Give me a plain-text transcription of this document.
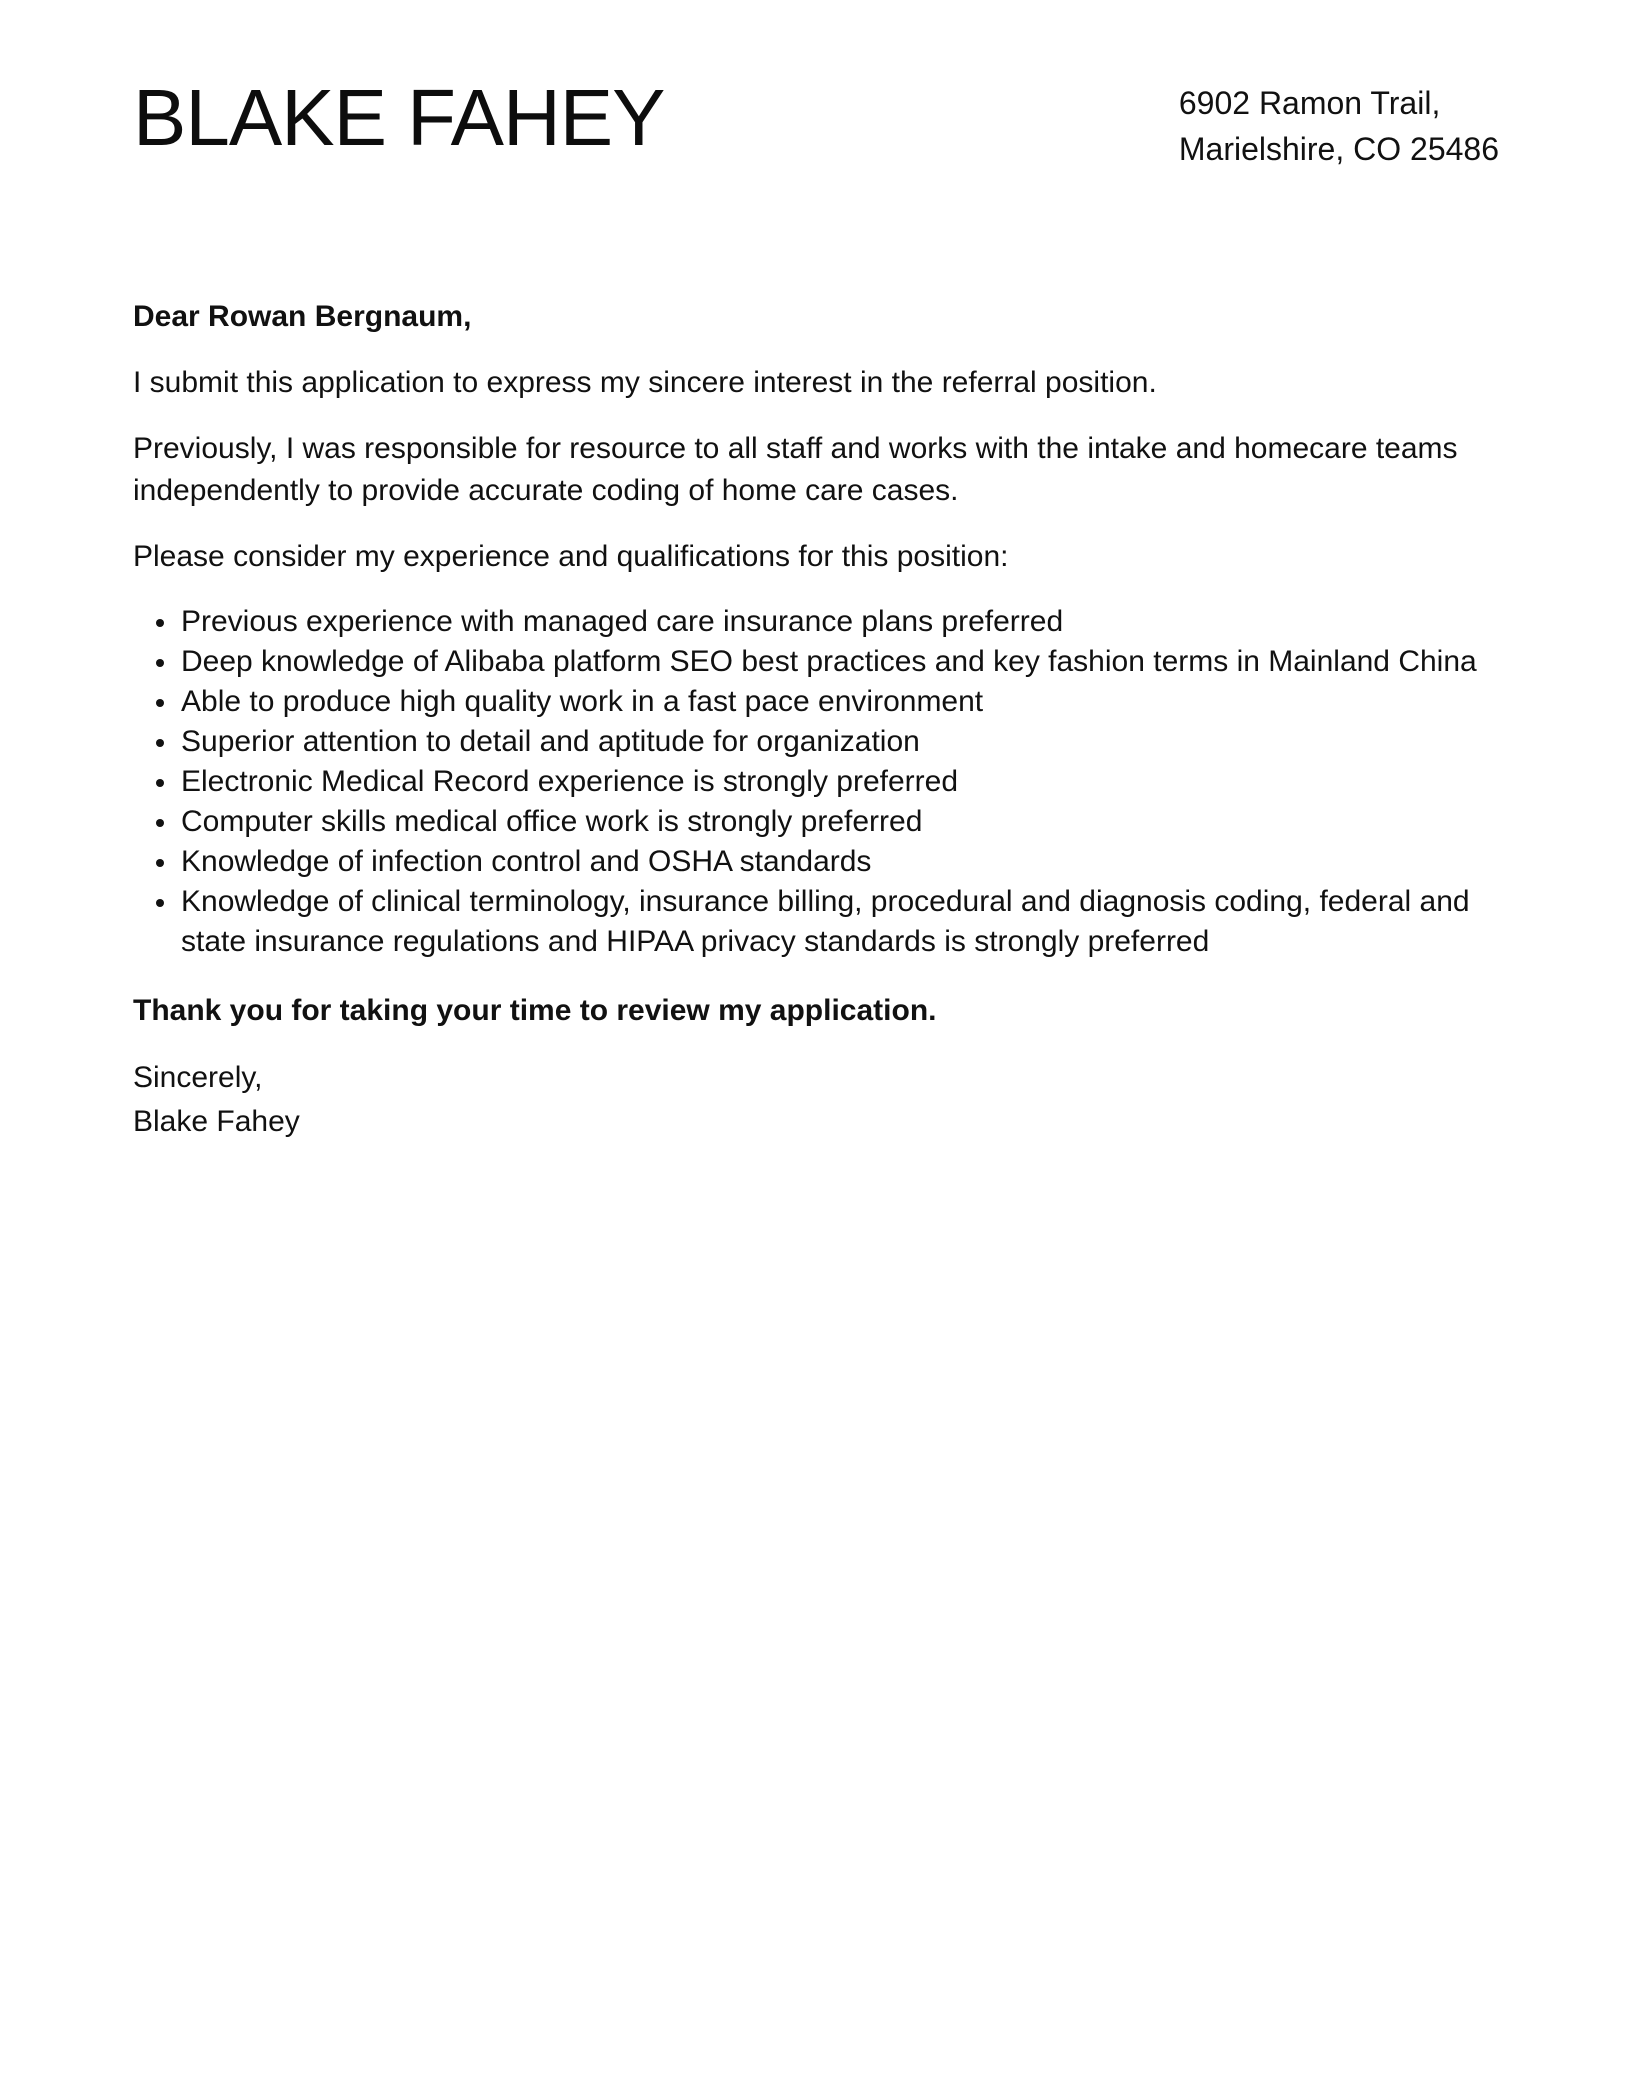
BLAKE FAHEY	6902 Ramon Trail,
Marielshire, CO 25486

Dear Rowan Bergnaum,

I submit this application to express my sincere interest in the referral position.

Previously, I was responsible for resource to all staff and works with the intake and homecare teams independently to provide accurate coding of home care cases.

Please consider my experience and qualifications for this position:

Previous experience with managed care insurance plans preferred
Deep knowledge of Alibaba platform SEO best practices and key fashion terms in Mainland China
Able to produce high quality work in a fast pace environment
Superior attention to detail and aptitude for organization
Electronic Medical Record experience is strongly preferred
Computer skills medical office work is strongly preferred
Knowledge of infection control and OSHA standards
Knowledge of clinical terminology, insurance billing, procedural and diagnosis coding, federal and state insurance regulations and HIPAA privacy standards is strongly preferred

Thank you for taking your time to review my application.

Sincerely,
Blake Fahey
